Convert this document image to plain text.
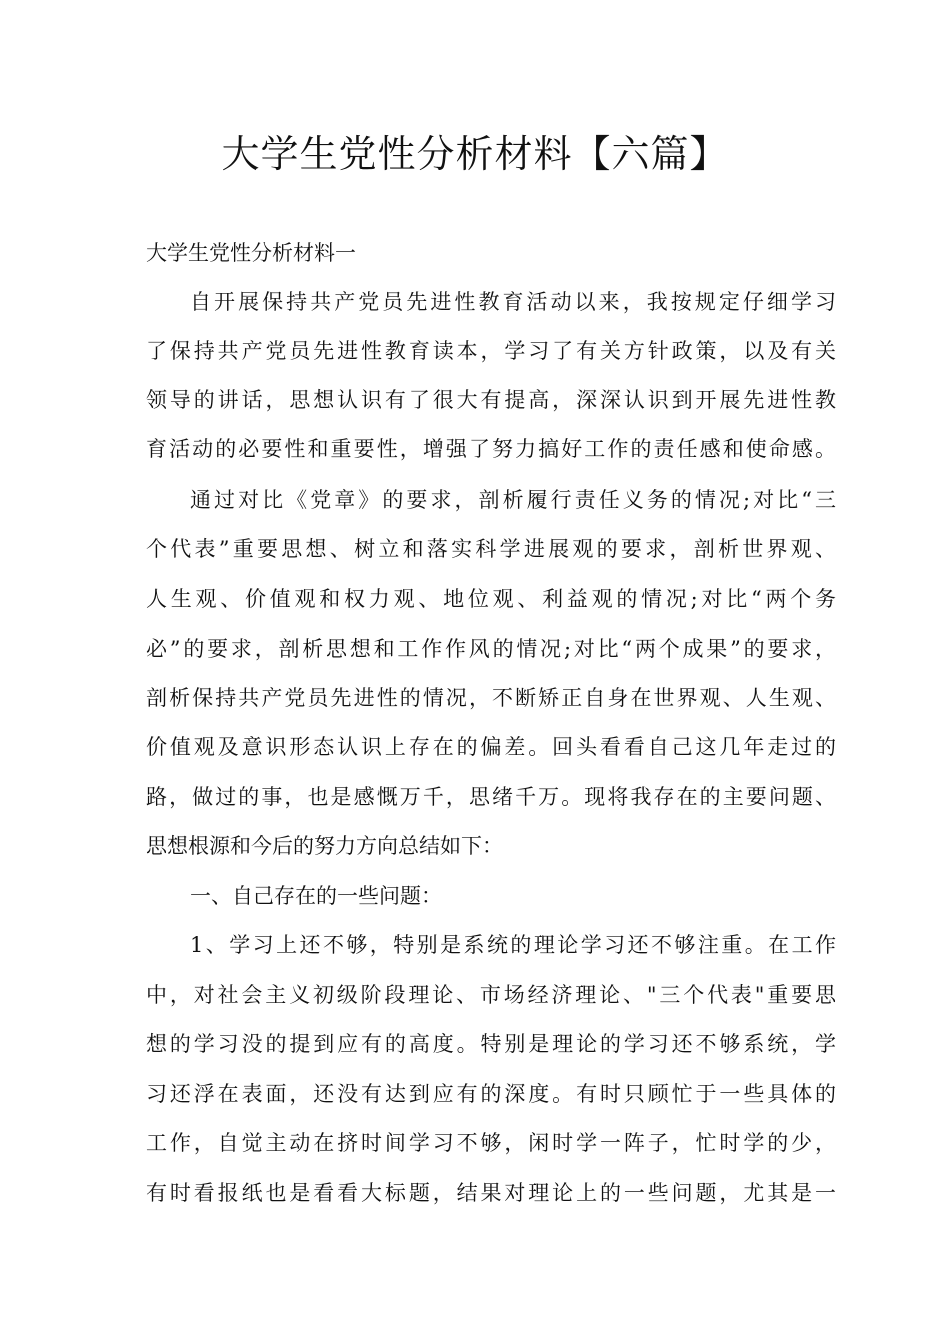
大学生党性分析材料【六篇】
大学生党性分析材料一
自开展保持共产党员先进性教育活动以来，我按规定仔细学习
了保持共产党员先进性教育读本，学习了有关方针政策，以及有关
领导的讲话，思想认识有了很大有提高，深深认识到开展先进性教
育活动的必要性和重要性，增强了努力搞好工作的责任感和使命感。
通过对比《党章》的要求，剖析履行责任义务的情况;对比“三
个代表”重要思想、树立和落实科学进展观的要求，剖析世界观、
人生观、价值观和权力观、地位观、利益观的情况;对比“两个务
必”的要求，剖析思想和工作作风的情况;对比“两个成果”的要求，
剖析保持共产党员先进性的情况，不断矫正自身在世界观、人生观、
价值观及意识形态认识上存在的偏差。回头看看自己这几年走过的
路，做过的事，也是感慨万千，思绪千万。现将我存在的主要问题、
思想根源和今后的努力方向总结如下：
一、自己存在的一些问题：
1、学习上还不够，特别是系统的理论学习还不够注重。在工作
中，对社会主义初级阶段理论、市场经济理论、"三个代表"重要思
想的学习没的提到应有的高度。特别是理论的学习还不够系统，学
习还浮在表面，还没有达到应有的深度。有时只顾忙于一些具体的
工作，自觉主动在挤时间学习不够，闲时学一阵子，忙时学的少，
有时看报纸也是看看大标题，结果对理论上的一些问题，尤其是一
